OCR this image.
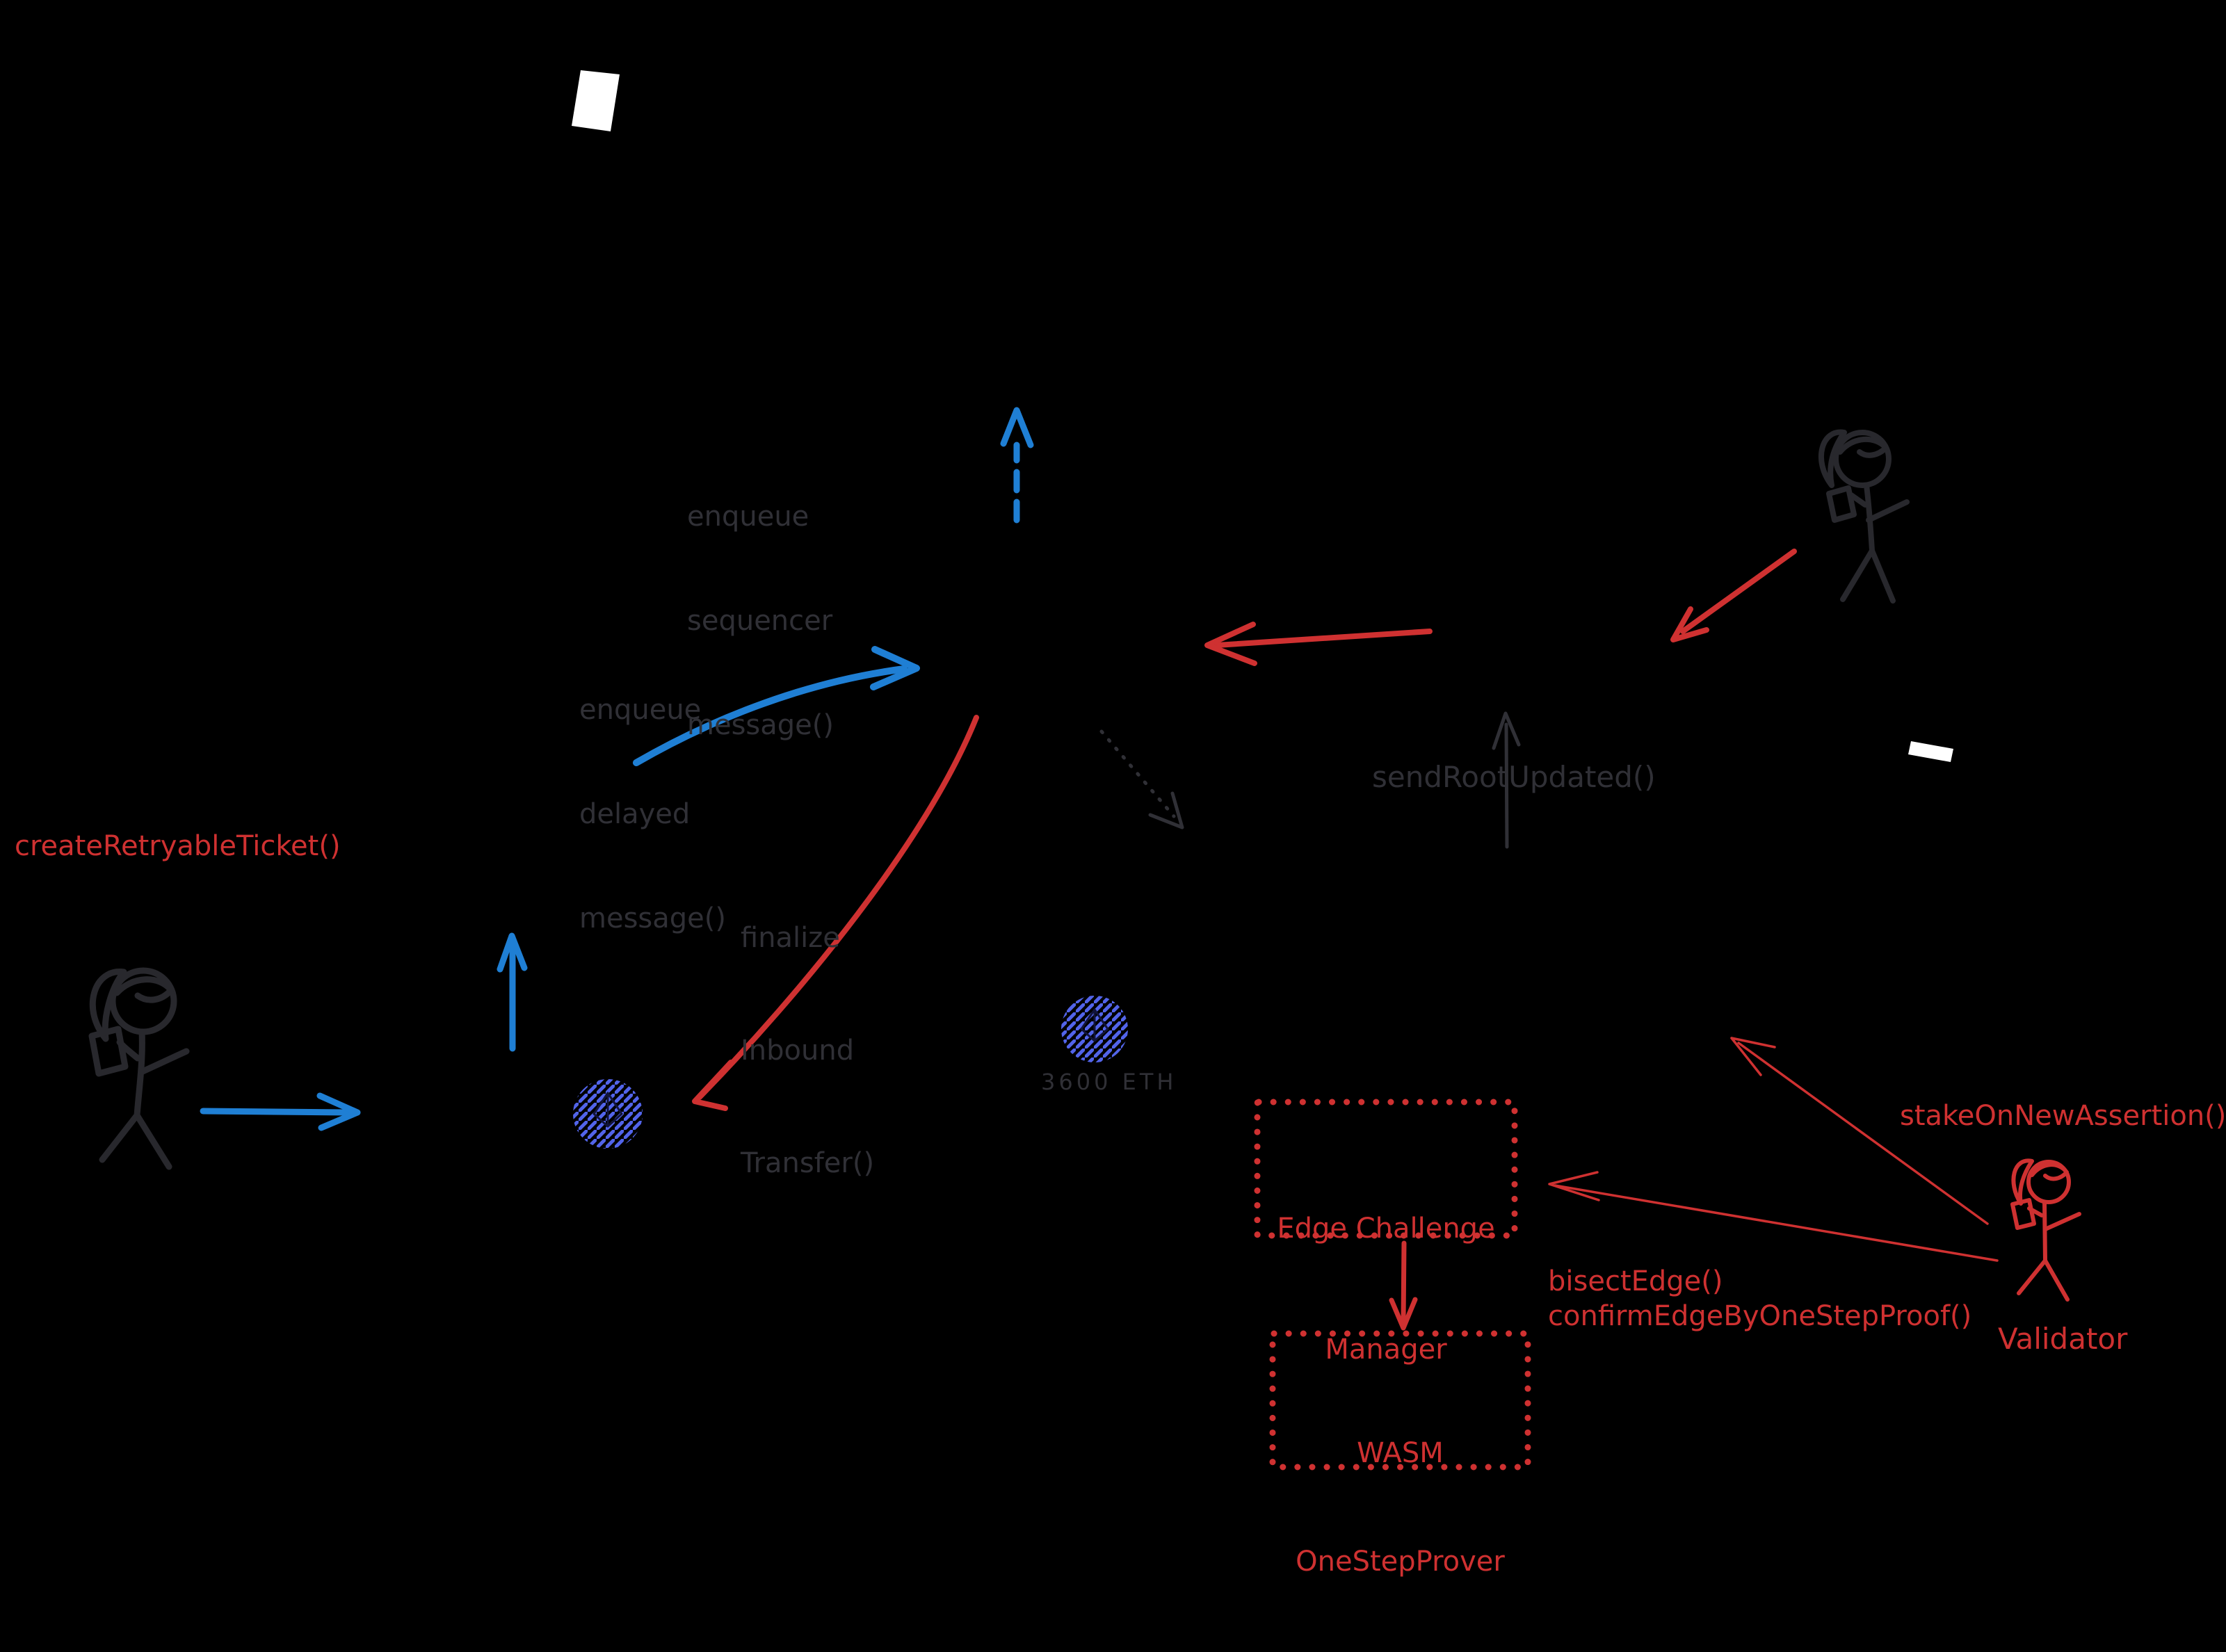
enqueue

sequencer

message()

enqueue

delayed

message()

createRetryableTicket()

finalize

Inbound

Transfer()

sendRootUpdated()
3600 ETH

Edge Challenge

Manager

WASM

OneStepProver

stakeOnNewAssertion()
bisectEdge()
confirmEdgeByOneStepProof()
Validator
